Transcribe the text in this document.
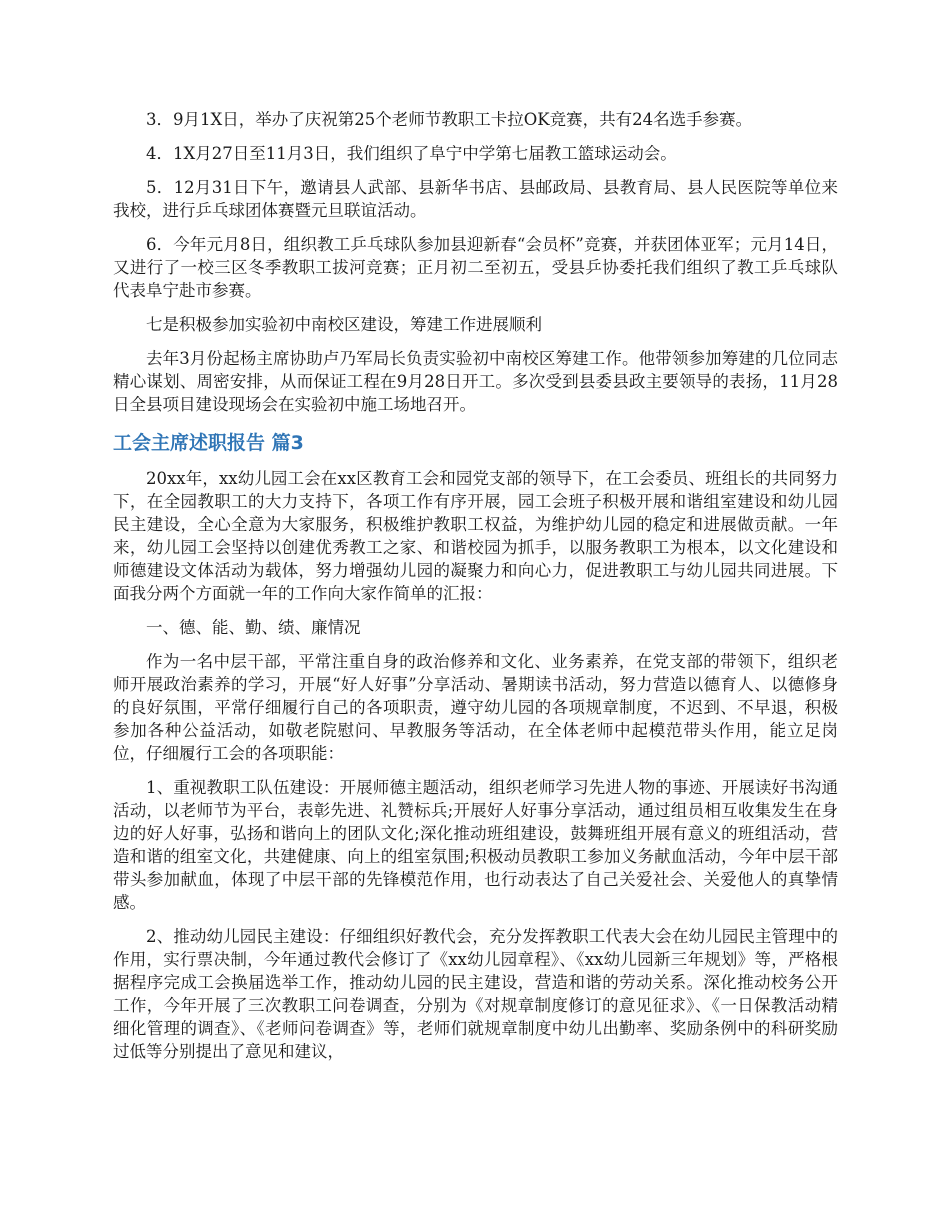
3．9月1X日，举办了庆祝第25个老师节教职工卡拉OK竞赛，共有24名选手参赛。

4．1X月27日至11月3日，我们组织了阜宁中学第七届教工篮球运动会。

5．12月31日下午，邀请县人武部、县新华书店、县邮政局、县教育局、县人民医院等单位来我校，进行乒乓球团体赛暨元旦联谊活动。

6．今年元月8日，组织教工乒乓球队参加县迎新春“会员杯”竞赛，并获团体亚军；元月14日，又进行了一校三区冬季教职工拔河竞赛；正月初二至初五，受县乒协委托我们组织了教工乒乓球队代表阜宁赴市参赛。

七是积极参加实验初中南校区建设，筹建工作进展顺利

去年3月份起杨主席协助卢乃军局长负责实验初中南校区筹建工作。他带领参加筹建的几位同志精心谋划、周密安排，从而保证工程在9月28日开工。多次受到县委县政主要领导的表扬，11月28日全县项目建设现场会在实验初中施工场地召开。

工会主席述职报告 篇3

20xx年，xx幼儿园工会在xx区教育工会和园党支部的领导下，在工会委员、班组长的共同努力下，在全园教职工的大力支持下，各项工作有序开展，园工会班子积极开展和谐组室建设和幼儿园民主建设，全心全意为大家服务，积极维护教职工权益，为维护幼儿园的稳定和进展做贡献。一年来，幼儿园工会坚持以创建优秀教工之家、和谐校园为抓手，以服务教职工为根本，以文化建设和师德建设文体活动为载体，努力增强幼儿园的凝聚力和向心力，促进教职工与幼儿园共同进展。下面我分两个方面就一年的工作向大家作简单的汇报：

一、德、能、勤、绩、廉情况

作为一名中层干部，平常注重自身的政治修养和文化、业务素养，在党支部的带领下，组织老师开展政治素养的学习，开展“好人好事”分享活动、暑期读书活动，努力营造以德育人、以德修身的良好氛围，平常仔细履行自己的各项职责，遵守幼儿园的各项规章制度，不迟到、不早退，积极参加各种公益活动，如敬老院慰问、早教服务等活动，在全体老师中起模范带头作用，能立足岗位，仔细履行工会的各项职能：

1、重视教职工队伍建设：开展师德主题活动，组织老师学习先进人物的事迹、开展读好书沟通活动，以老师节为平台，表彰先进、礼赞标兵;开展好人好事分享活动，通过组员相互收集发生在身边的好人好事，弘扬和谐向上的团队文化;深化推动班组建设，鼓舞班组开展有意义的班组活动，营造和谐的组室文化，共建健康、向上的组室氛围;积极动员教职工参加义务献血活动，今年中层干部带头参加献血，体现了中层干部的先锋模范作用，也行动表达了自己关爱社会、关爱他人的真挚情感。

2、推动幼儿园民主建设：仔细组织好教代会，充分发挥教职工代表大会在幼儿园民主管理中的作用，实行票决制，今年通过教代会修订了《xx幼儿园章程》、《xx幼儿园新三年规划》等，严格根据程序完成工会换届选举工作，推动幼儿园的民主建设，营造和谐的劳动关系。深化推动校务公开工作，今年开展了三次教职工问卷调查，分别为《对规章制度修订的意见征求》、《一日保教活动精细化管理的调查》、《老师问卷调查》等，老师们就规章制度中幼儿出勤率、奖励条例中的科研奖励过低等分别提出了意见和建议，
